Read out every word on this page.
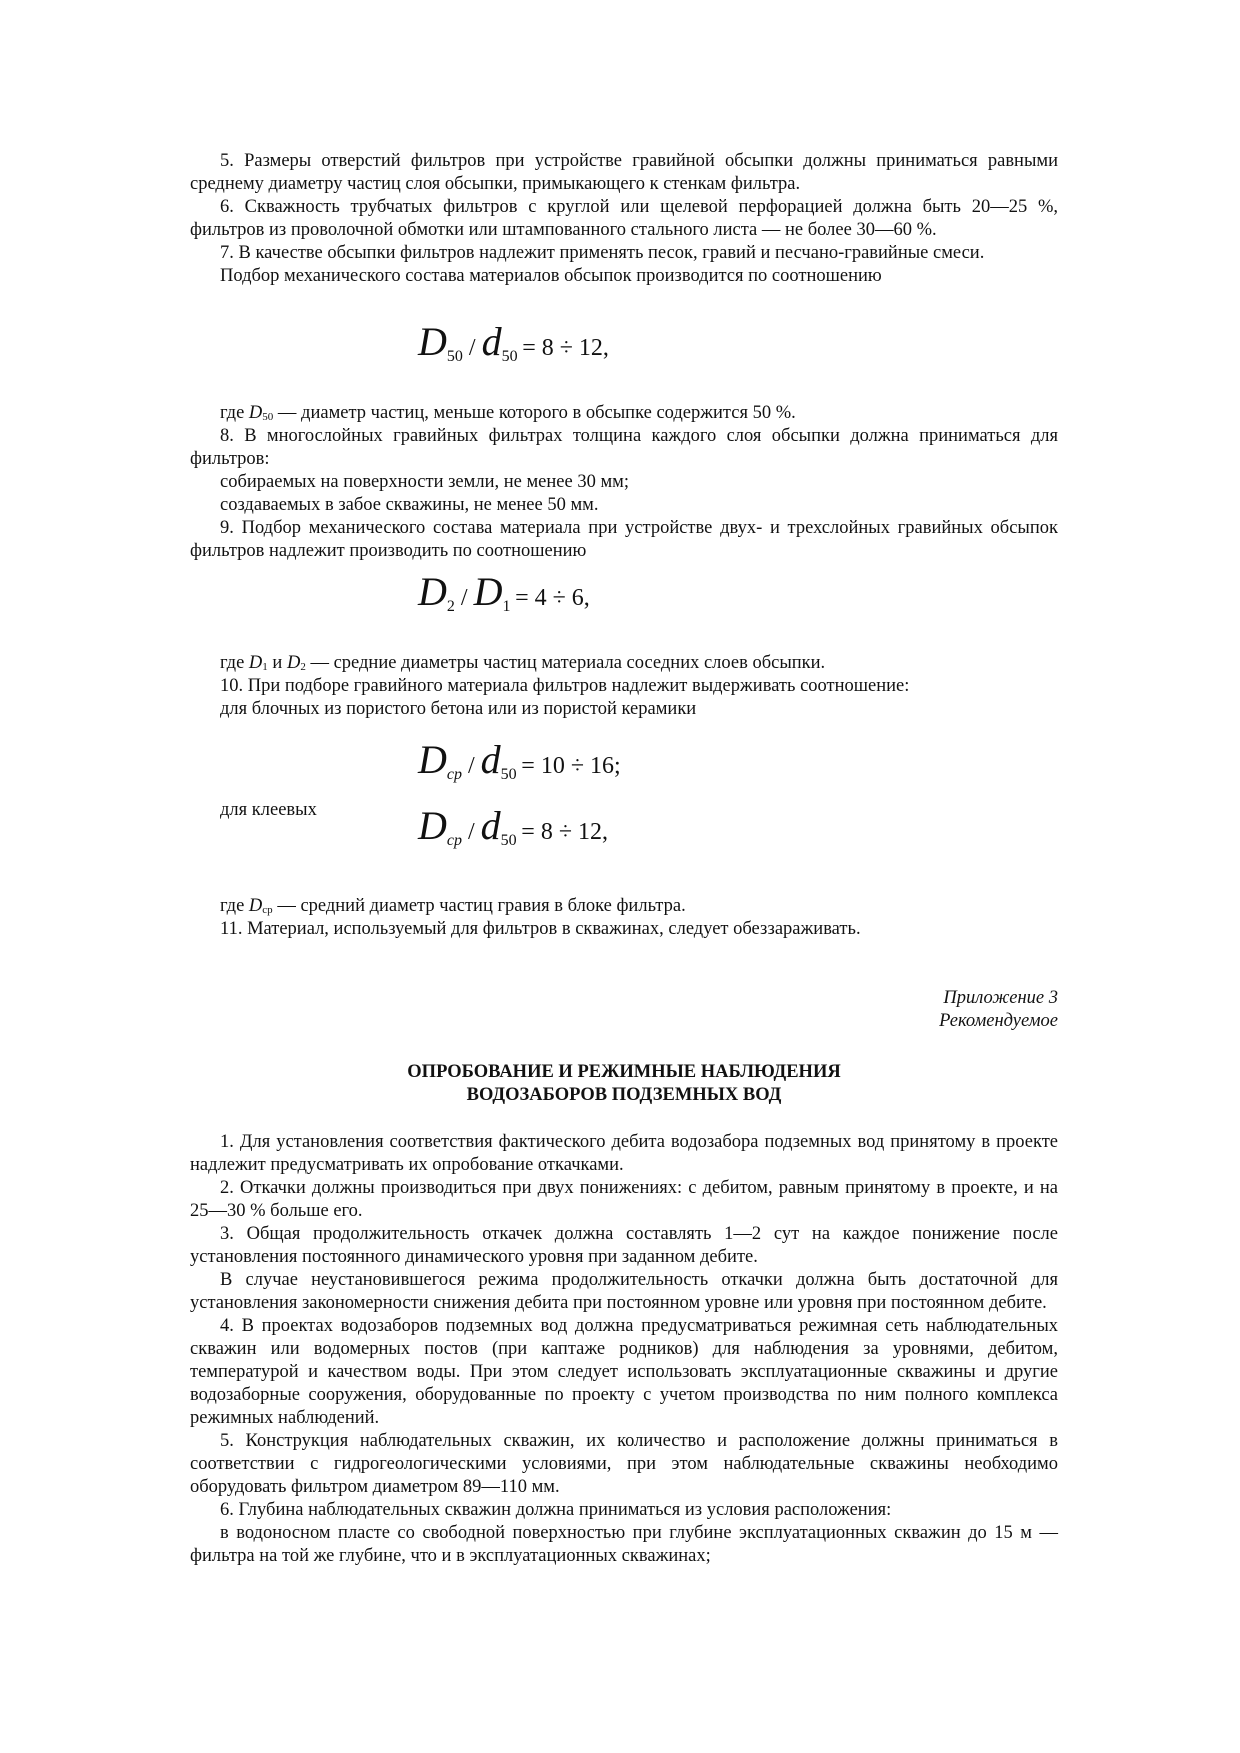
5. Размеры отверстий фильтров при устройстве гравийной обсыпки должны приниматься равными среднему диаметру частиц слоя обсыпки, примыкающего к стенкам фильтра.

6. Скважность трубчатых фильтров с круглой или щелевой перфорацией должна быть 20—25 %, фильтров из проволочной обмотки или штампованного стального листа — не более 30—60 %.

7. В качестве обсыпки фильтров надлежит применять песок, гравий и песчано-гравийные смеси.

Подбор механического состава материалов обсыпок производится по соотношению

D50 / d50 = 8 ÷ 12,

где $D_{50}$ — диаметр частиц, меньше которого в обсыпке содержится 50 %.

8. В многослойных гравийных фильтрах толщина каждого слоя обсыпки должна приниматься для фильтров:

собираемых на поверхности земли, не менее 30 мм;

создаваемых в забое скважины, не менее 50 мм.

9. Подбор механического состава материала при устройстве двух- и трехслойных гравийных обсыпок фильтров надлежит производить по соотношению

D2 / D1 = 4 ÷ 6,

где $D_1$ и $D_2$ — средние диаметры частиц материала соседних слоев обсыпки.

10. При подборе гравийного материала фильтров надлежит выдерживать соотношение:

для блочных из пористого бетона или из пористой керамики

Dср / d50 = 10 ÷ 16;

для клеевых	Dср / d50 = 8 ÷ 12,

где $D_{ср}$ — средний диаметр частиц гравия в блоке фильтра.

11. Материал, используемый для фильтров в скважинах, следует обеззараживать.

Приложение 3

Рекомендуемое

ОПРОБОВАНИЕ И РЕЖИМНЫЕ НАБЛЮДЕНИЯ

ВОДОЗАБОРОВ ПОДЗЕМНЫХ ВОД

1. Для установления соответствия фактического дебита водозабора подземных вод принятому в проекте надлежит предусматривать их опробование откачками.

2. Откачки должны производиться при двух понижениях: с дебитом, равным принятому в проекте, и на 25—30 % больше его.

3. Общая продолжительность откачек должна составлять 1—2 сут на каждое понижение после установления постоянного динамического уровня при заданном дебите.

В случае неустановившегося режима продолжительность откачки должна быть достаточной для установления закономерности снижения дебита при постоянном уровне или уровня при постоянном дебите.

4. В проектах водозаборов подземных вод должна предусматриваться режимная сеть наблюдательных скважин или водомерных постов (при каптаже родников) для наблюдения за уровнями, дебитом, температурой и качеством воды. При этом следует использовать эксплуатационные скважины и другие водозаборные сооружения, оборудованные по проекту с учетом производства по ним полного комплекса режимных наблюдений.

5. Конструкция наблюдательных скважин, их количество и расположение должны приниматься в соответствии с гидрогеологическими условиями, при этом наблюдательные скважины необходимо оборудовать фильтром диаметром 89—110 мм.

6. Глубина наблюдательных скважин должна приниматься из условия расположения:

в водоносном пласте со свободной поверхностью при глубине эксплуатационных скважин до 15 м — фильтра на той же глубине, что и в эксплуатационных скважинах;
